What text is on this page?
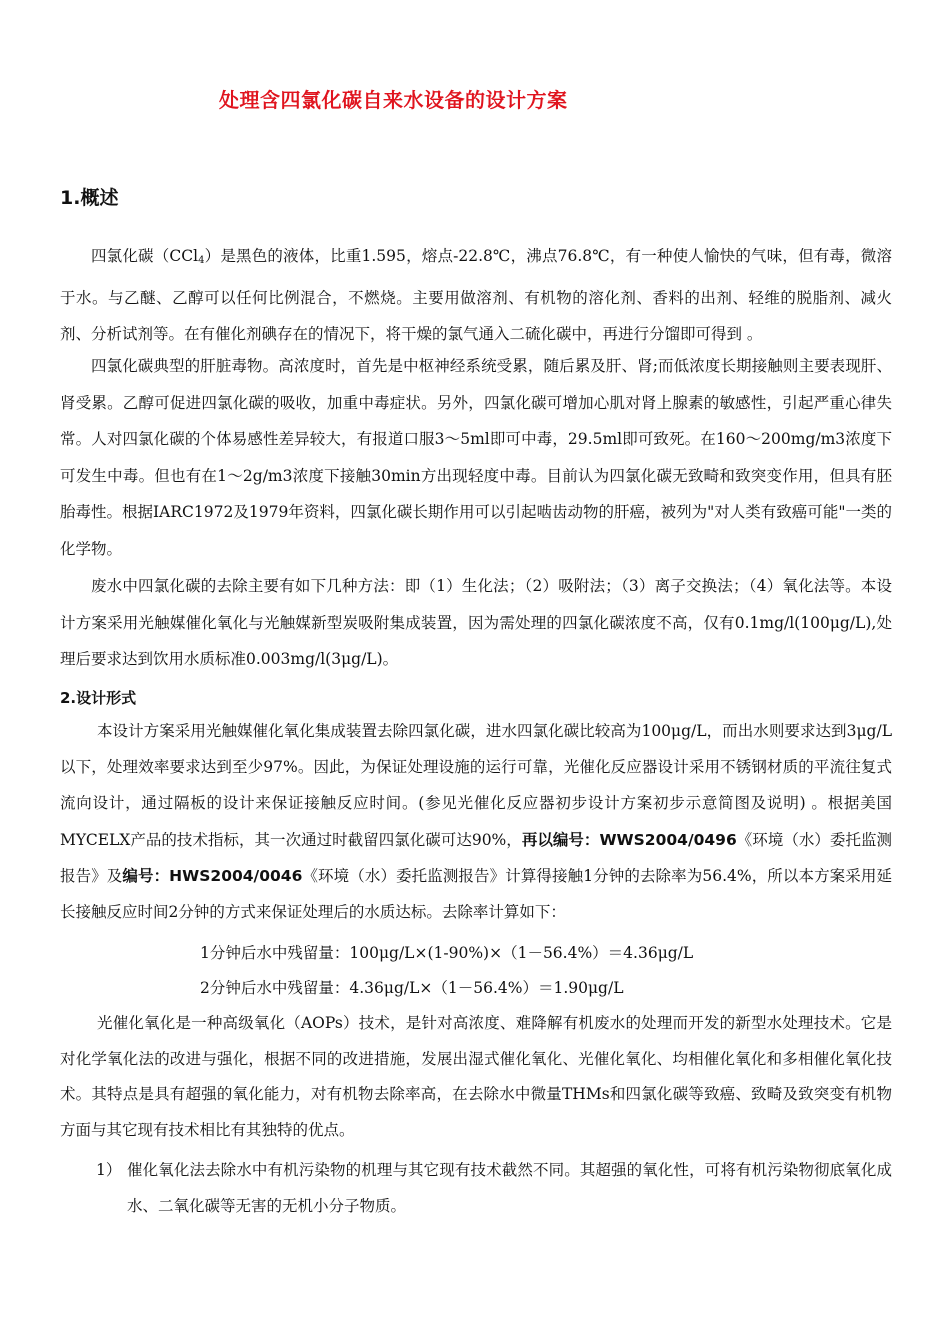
处理含四氯化碳自来水设备的设计方案
1.概述

四氯化碳（CCl$_4$）是黑色的液体，比重1.595，熔点-22.8℃，沸点76.8℃，有一种使人愉快的气味，但有毒，微溶于水。与乙醚、乙醇可以任何比例混合，不燃烧。主要用做溶剂、有机物的溶化剂、香料的出剂、轻维的脱脂剂、减火剂、分析试剂等。在有催化剂碘存在的情况下，将干燥的氯气通入二硫化碳中，再进行分馏即可得到 。

四氯化碳典型的肝脏毒物。高浓度时，首先是中枢神经系统受累，随后累及肝、肾;而低浓度长期接触则主要表现肝、肾受累。乙醇可促进四氯化碳的吸收，加重中毒症状。另外，四氯化碳可增加心肌对肾上腺素的敏感性，引起严重心律失常。人对四氯化碳的个体易感性差异较大，有报道口服3～5ml即可中毒，29.5ml即可致死。在160～200mg/m3浓度下可发生中毒。但也有在1～2g/m3浓度下接触30min方出现轻度中毒。目前认为四氯化碳无致畸和致突变作用，但具有胚胎毒性。根据IARC1972及1979年资料，四氯化碳长期作用可以引起啮齿动物的肝癌，被列为"对人类有致癌可能"一类的化学物。

废水中四氯化碳的去除主要有如下几种方法：即（1）生化法；（2）吸附法；（3）离子交换法；（4）氧化法等。本设计方案采用光触媒催化氧化与光触媒新型炭吸附集成装置，因为需处理的四氯化碳浓度不高，仅有0.1mg/l(100μg/L),处理后要求达到饮用水质标准0.003mg/l(3μg/L)。

2.设计形式

本设计方案采用光触媒催化氧化集成装置去除四氯化碳，进水四氯化碳比较高为100μg/L，而出水则要求达到3μg/L以下，处理效率要求达到至少97%。因此，为保证处理设施的运行可靠，光催化反应器设计采用不锈钢材质的平流往复式流向设计，通过隔板的设计来保证接触反应时间。(参见光催化反应器初步设计方案初步示意简图及说明) 。根据美国MYCELX产品的技术指标，其一次通过时截留四氯化碳可达90%，再以编号：WWS2004/0496《环境（水）委托监测报告》及编号：HWS2004/0046《环境（水）委托监测报告》计算得接触1分钟的去除率为56.4%，所以本方案采用延长接触反应时间2分钟的方式来保证处理后的水质达标。去除率计算如下：

1分钟后水中残留量：100μg/L×(1-90%)×（1－56.4%）＝4.36μg/L
2分钟后水中残留量：4.36μg/L×（1－56.4%）＝1.90μg/L

光催化氧化是一种高级氧化（AOPs）技术，是针对高浓度、难降解有机废水的处理而开发的新型水处理技术。它是对化学氧化法的改进与强化，根据不同的改进措施，发展出湿式催化氧化、光催化氧化、均相催化氧化和多相催化氧化技术。其特点是具有超强的氧化能力，对有机物去除率高，在去除水中微量THMs和四氯化碳等致癌、致畸及致突变有机物方面与其它现有技术相比有其独特的优点。

1） 催化氧化法去除水中有机污染物的机理与其它现有技术截然不同。其超强的氧化性，可将有机污染物彻底氧化成水、二氧化碳等无害的无机小分子物质。
